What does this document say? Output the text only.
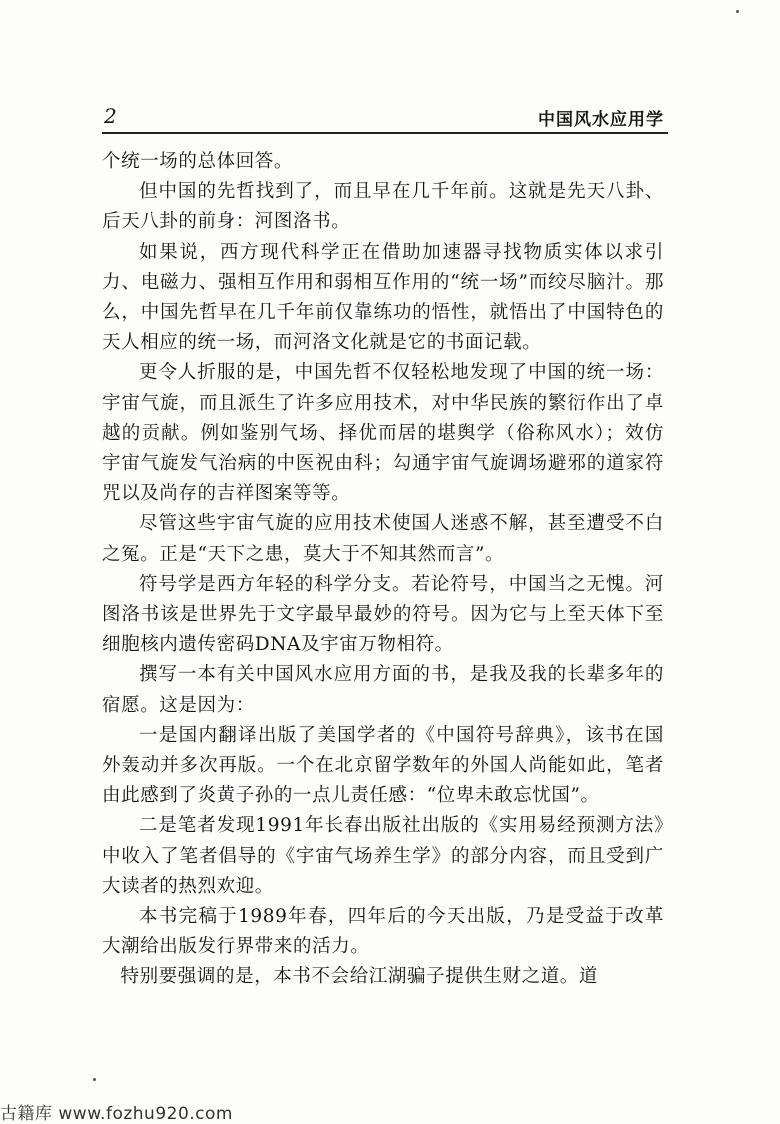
2	中国风水应用学

个统一场的总体回答。

但中国的先哲找到了，而且早在几千年前。这就是先天八卦、后天八卦的前身：河图洛书。

如果说，西方现代科学正在借助加速器寻找物质实体以求引力、电磁力、强相互作用和弱相互作用的“统一场”而绞尽脑汁。那么，中国先哲早在几千年前仅靠练功的悟性，就悟出了中国特色的天人相应的统一场，而河洛文化就是它的书面记载。

更令人折服的是，中国先哲不仅轻松地发现了中国的统一场：宇宙气旋，而且派生了许多应用技术，对中华民族的繁衍作出了卓越的贡献。例如鉴别气场、择优而居的堪舆学（俗称风水）；效仿宇宙气旋发气治病的中医祝由科；勾通宇宙气旋调场避邪的道家符咒以及尚存的吉祥图案等等。

尽管这些宇宙气旋的应用技术使国人迷惑不解，甚至遭受不白之冤。正是“天下之患，莫大于不知其然而言”。

符号学是西方年轻的科学分支。若论符号，中国当之无愧。河图洛书该是世界先于文字最早最妙的符号。因为它与上至天体下至细胞核内遗传密码DNA及宇宙万物相符。

撰写一本有关中国风水应用方面的书，是我及我的长辈多年的宿愿。这是因为：

一是国内翻译出版了美国学者的《中国符号辞典》，该书在国外轰动并多次再版。一个在北京留学数年的外国人尚能如此，笔者由此感到了炎黄子孙的一点儿责任感：“位卑未敢忘忧国”。

二是笔者发现1991年长春出版社出版的《实用易经预测方法》中收入了笔者倡导的《宇宙气场养生学》的部分内容，而且受到广大读者的热烈欢迎。

本书完稿于1989年春，四年后的今天出版，乃是受益于改革大潮给出版发行界带来的活力。

特别要强调的是，本书不会给江湖骗子提供生财之道。道

古籍库 www.fozhu920.com
